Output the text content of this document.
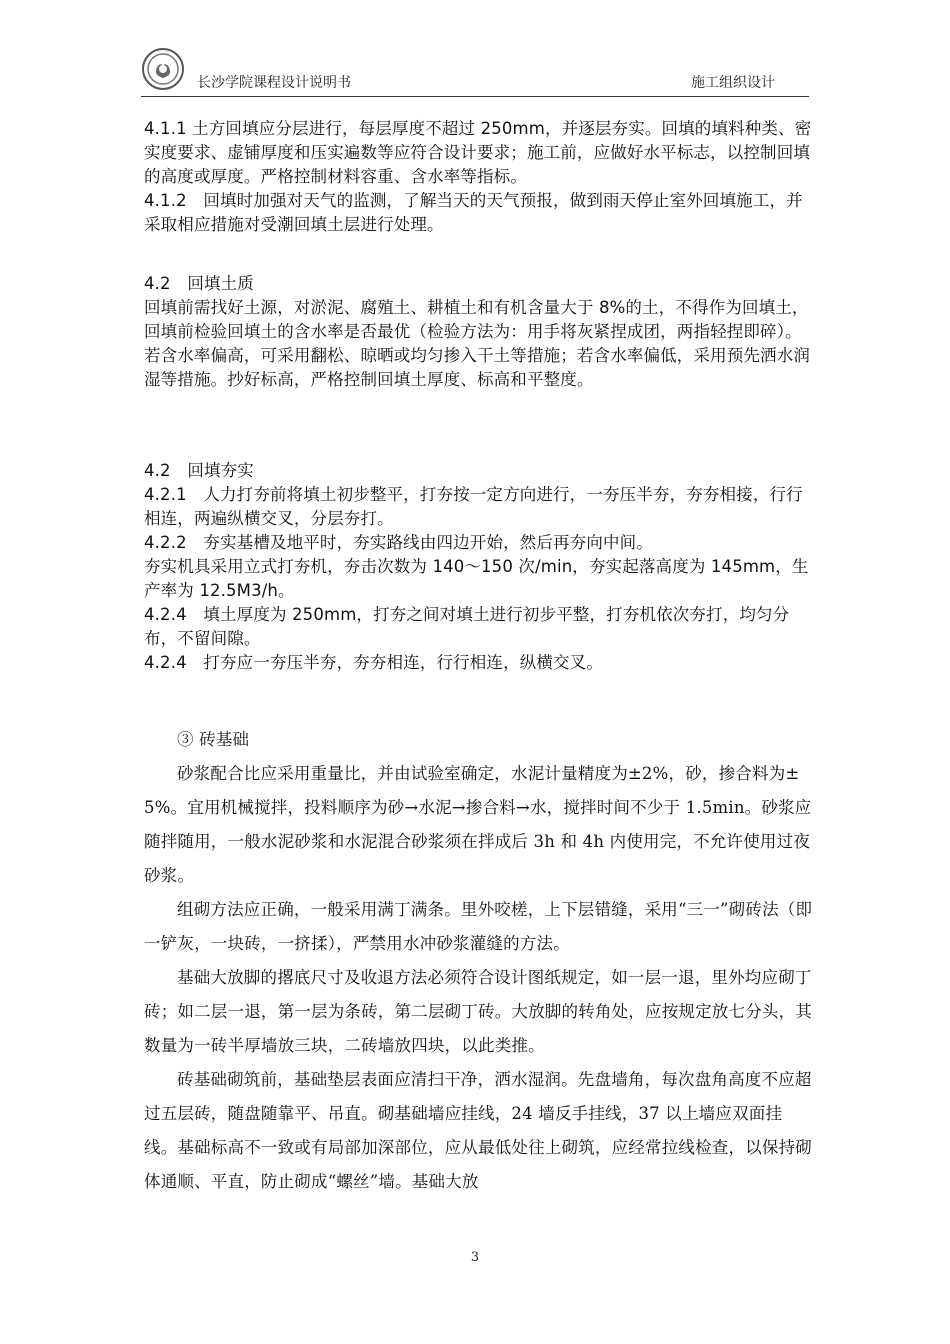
长沙学院课程设计说明书	施工组织设计

4.1.1 土方回填应分层进行，每层厚度不超过 250mm，并逐层夯实。回填的填料种类、密实度要求、虚铺厚度和压实遍数等应符合设计要求；施工前，应做好水平标志，以控制回填的高度或厚度。严格控制材料容重、含水率等指标。

4.1.2　回填时加强对天气的监测，了解当天的天气预报，做到雨天停止室外回填施工，并采取相应措施对受潮回填土层进行处理。

4.2　回填土质

回填前需找好土源，对淤泥、腐殖土、耕植土和有机含量大于 8%的土，不得作为回填土，回填前检验回填土的含水率是否最优（检验方法为：用手将灰紧捏成团，两指轻捏即碎）。若含水率偏高，可采用翻松、晾晒或均匀掺入干土等措施；若含水率偏低，采用预先洒水润湿等措施。抄好标高，严格控制回填土厚度、标高和平整度。

4.2　回填夯实

4.2.1　人力打夯前将填土初步整平，打夯按一定方向进行，一夯压半夯，夯夯相接，行行相连，两遍纵横交叉，分层夯打。

4.2.2　夯实基槽及地平时，夯实路线由四边开始，然后再夯向中间。

夯实机具采用立式打夯机，夯击次数为 140～150 次/min，夯实起落高度为 145mm，生产率为 12.5M3/h。

4.2.4　填土厚度为 250mm，打夯之间对填土进行初步平整，打夯机依次夯打，均匀分布，不留间隙。

4.2.4　打夯应一夯压半夯，夯夯相连，行行相连，纵横交叉。

③ 砖基础

砂浆配合比应采用重量比，并由试验室确定，水泥计量精度为±2%，砂，掺合料为± 5%。宜用机械搅拌，投料顺序为砂→水泥→掺合料→水，搅拌时间不少于 1.5min。砂浆应随拌随用，一般水泥砂浆和水泥混合砂浆须在拌成后 3h 和 4h 内使用完，不允许使用过夜砂浆。

组砌方法应正确，一般采用满丁满条。里外咬槎，上下层错缝，采用“三一”砌砖法（即一铲灰，一块砖，一挤揉），严禁用水冲砂浆灌缝的方法。

基础大放脚的撂底尺寸及收退方法必须符合设计图纸规定，如一层一退，里外均应砌丁砖；如二层一退，第一层为条砖，第二层砌丁砖。大放脚的转角处，应按规定放七分头，其数量为一砖半厚墙放三块，二砖墙放四块，以此类推。

砖基础砌筑前，基础垫层表面应清扫干净，洒水湿润。先盘墙角，每次盘角高度不应超过五层砖，随盘随靠平、吊直。砌基础墙应挂线，24 墙反手挂线，37 以上墙应双面挂线。基础标高不一致或有局部加深部位，应从最低处往上砌筑，应经常拉线检查，以保持砌体通顺、平直，防止砌成“螺丝”墙。基础大放

3
